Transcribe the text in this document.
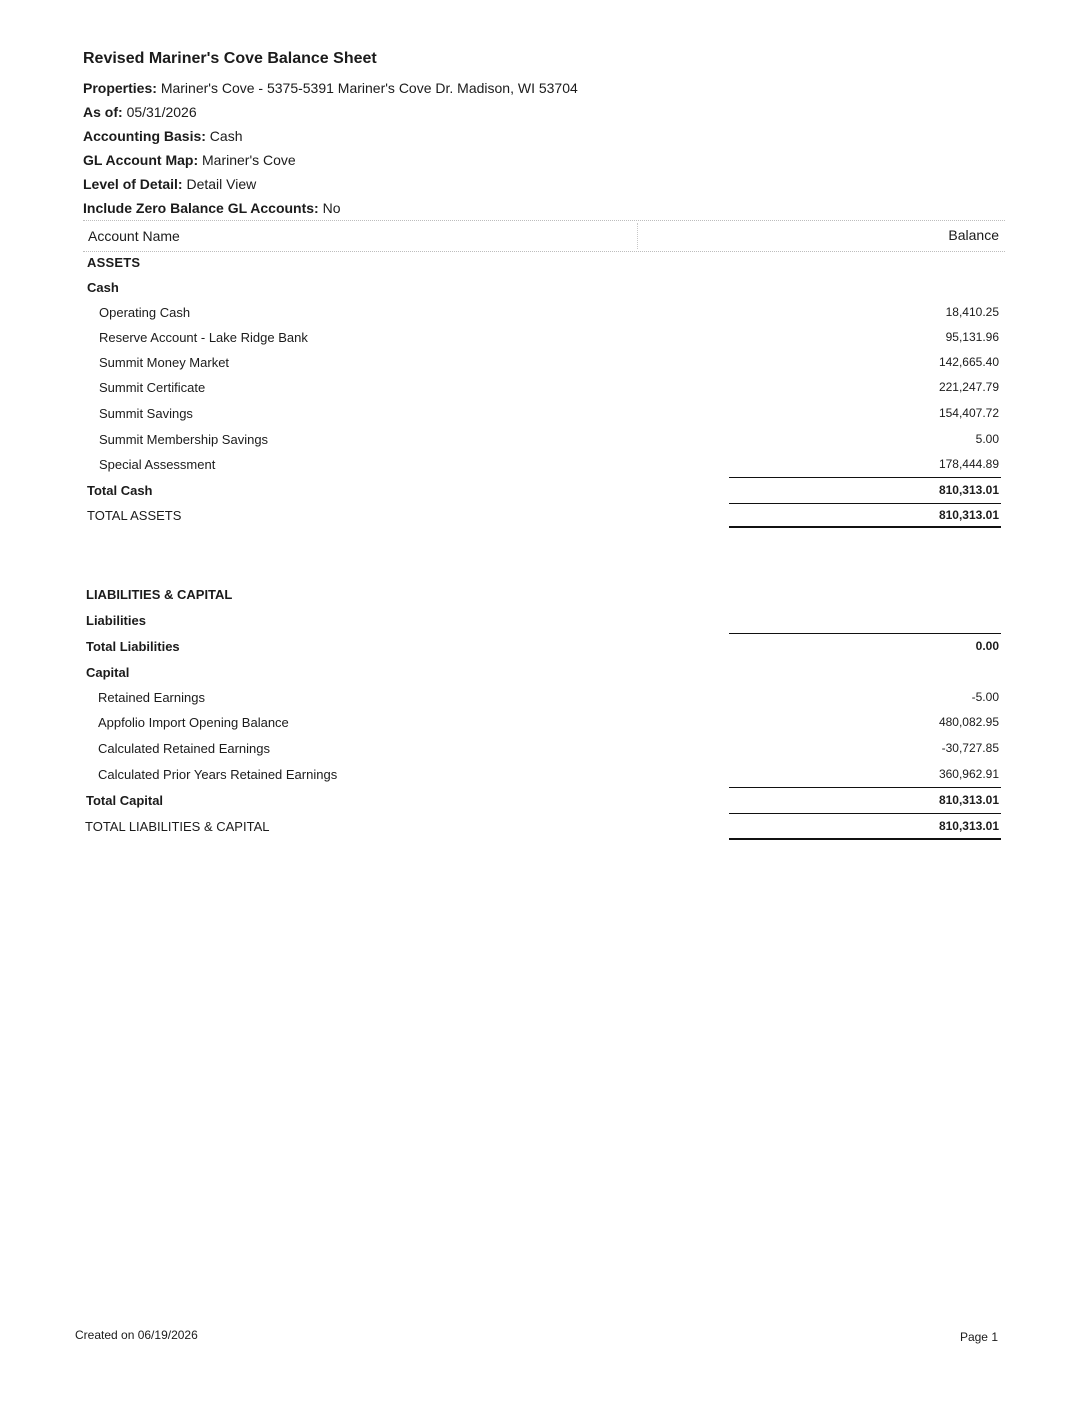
Revised Mariner's Cove Balance Sheet
Properties: Mariner's Cove - 5375-5391 Mariner's Cove Dr. Madison, WI 53704
As of: 05/31/2026
Accounting Basis: Cash
GL Account Map: Mariner's Cove
Level of Detail: Detail View
Include Zero Balance GL Accounts: No
Account Name	Balance
ASSETS
Cash
Operating Cash	18,410.25
Reserve Account - Lake Ridge Bank	95,131.96
Summit Money Market	142,665.40
Summit Certificate	221,247.79
Summit Savings	154,407.72
Summit Membership Savings	5.00
Special Assessment	178,444.89
Total Cash	810,313.01
TOTAL ASSETS	810,313.01
LIABILITIES & CAPITAL
Liabilities
Total Liabilities	0.00
Capital
Retained Earnings	-5.00
Appfolio Import Opening Balance	480,082.95
Calculated Retained Earnings	-30,727.85
Calculated Prior Years Retained Earnings	360,962.91
Total Capital	810,313.01
TOTAL LIABILITIES & CAPITAL	810,313.01
Created on 06/19/2026	Page 1
